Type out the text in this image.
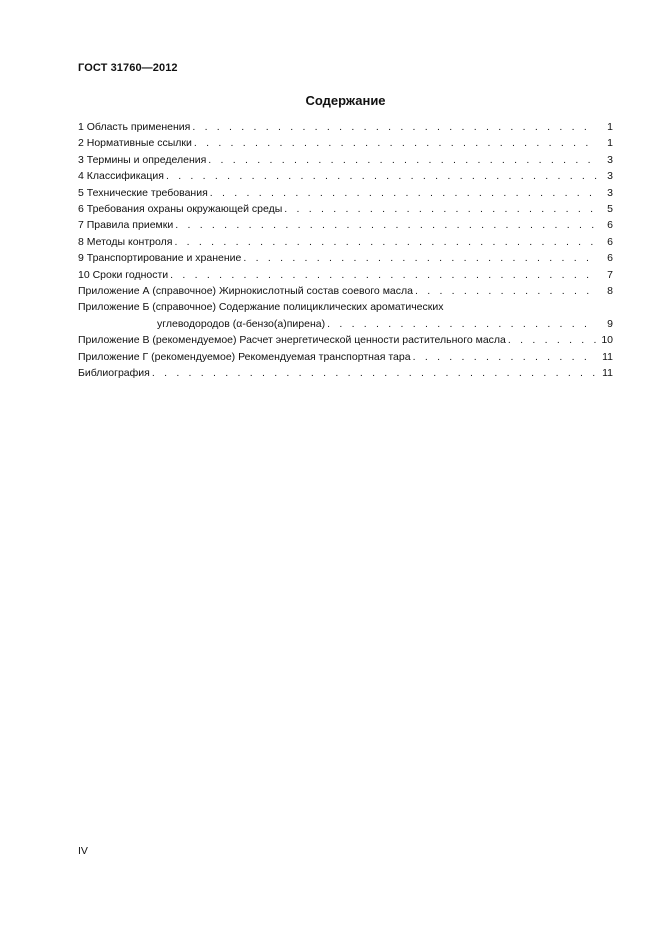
ГОСТ 31760—2012
Содержание
1 Область применения . . .	1
2 Нормативные ссылки . . .	1
3 Термины и определения . . .	3
4 Классификация . . .	3
5 Технические требования . . .	3
6 Требования охраны окружающей среды . . .	5
7 Правила приемки . . .	6
8 Методы контроля . . .	6
9 Транспортирование и хранение . . .	6
10 Сроки годности . . .	7
Приложение А (справочное) Жирнокислотный состав соевого масла . . .	8
Приложение Б (справочное) Содержание полициклических ароматических
углеводородов (α-бензо(а)пирена) . . .	9
Приложение В (рекомендуемое) Расчет энергетической ценности растительного масла . . .	10
Приложение Г (рекомендуемое) Рекомендуемая транспортная тара . . .	11
Библиография . . .	11
IV
